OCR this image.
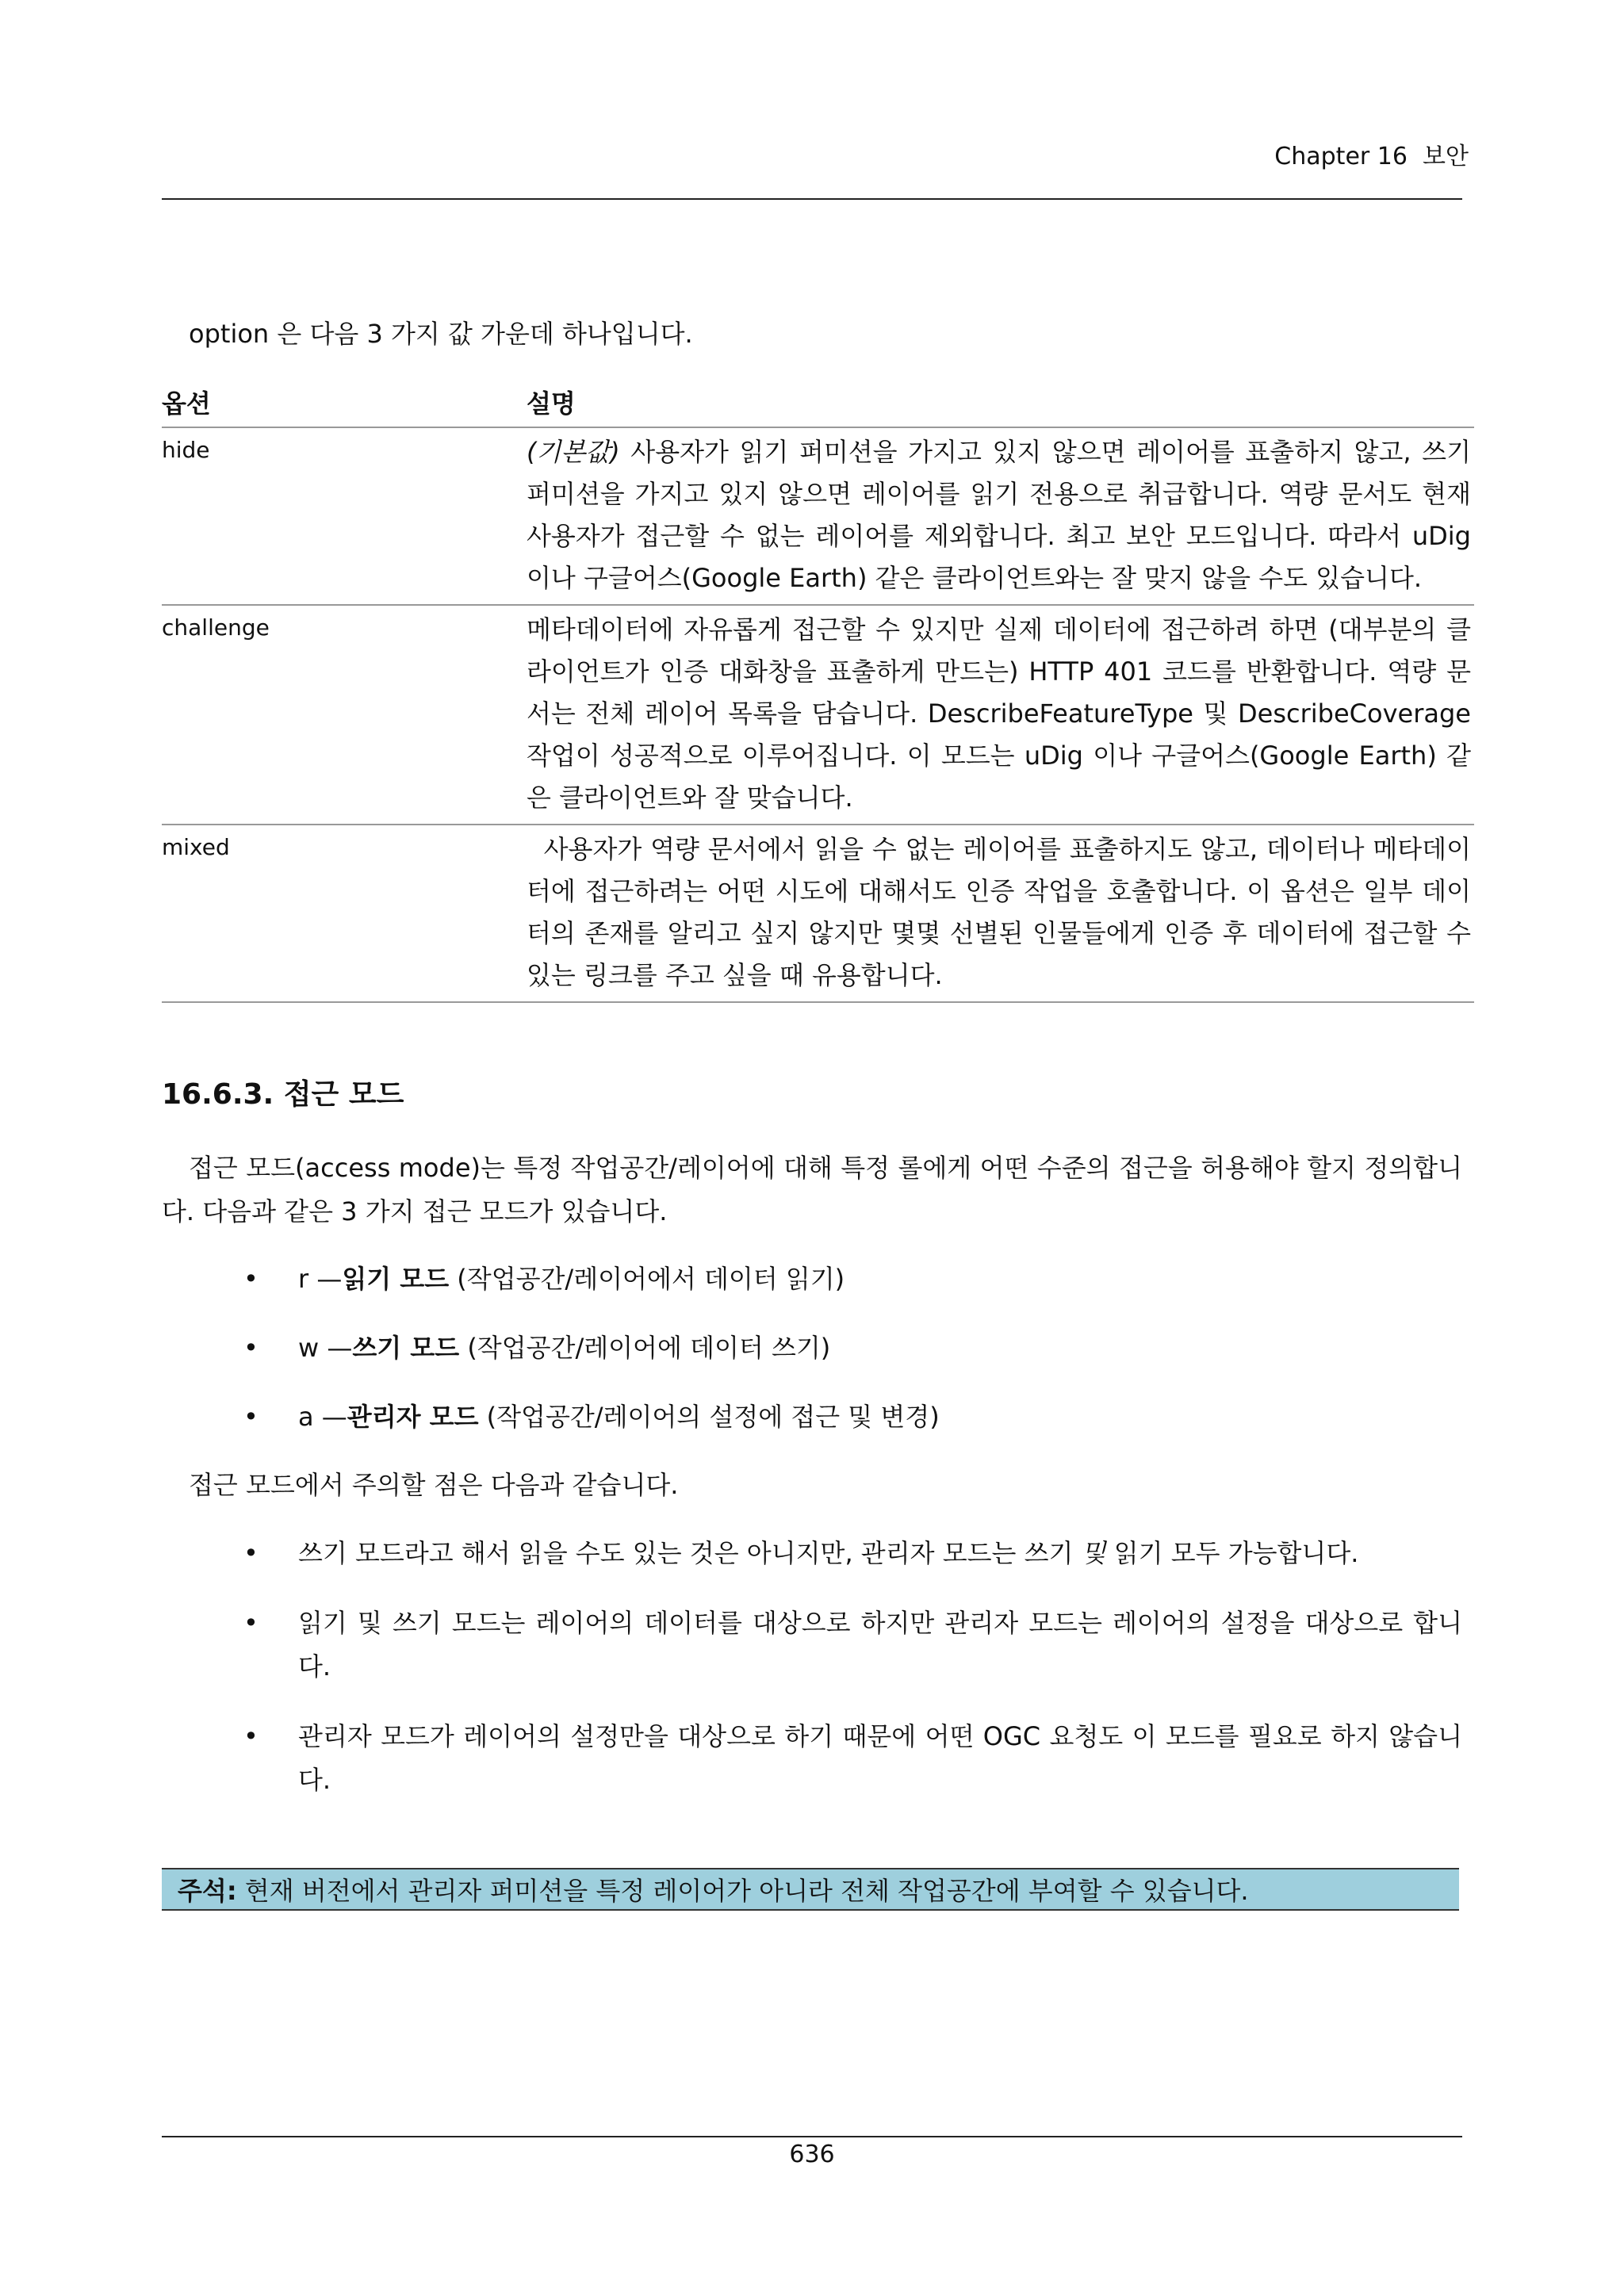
Chapter 16 보안
option 은 다음 3 가지 값 가운데 하나입니다.
옵션	설명
hide	(기본값) 사용자가 읽기 퍼미션을 가지고 있지 않으면 레이어를 표출하지 않고, 쓰기 퍼미션을 가지고 있지 않으면 레이어를 읽기 전용으로 취급합니다. 역량 문서도 현재 사용자가 접근할 수 없는 레이어를 제외합니다. 최고 보안 모드입니다. 따라서 uDig 이나 구글어스(Google Earth) 같은 클라이언트와는 잘 맞지 않을 수도 있습니다.
challenge	메타데이터에 자유롭게 접근할 수 있지만 실제 데이터에 접근하려 하면 (대부분의 클라이언트가 인증 대화창을 표출하게 만드는) HTTP 401 코드를 반환합니다. 역량 문서는 전체 레이어 목록을 담습니다. DescribeFeatureType 및 DescribeCoverage 작업이 성공적으로 이루어집니다. 이 모드는 uDig 이나 구글어스(Google Earth) 같은 클라이언트와 잘 맞습니다.
mixed	사용자가 역량 문서에서 읽을 수 없는 레이어를 표출하지도 않고, 데이터나 메타데이터에 접근하려는 어떤 시도에 대해서도 인증 작업을 호출합니다. 이 옵션은 일부 데이터의 존재를 알리고 싶지 않지만 몇몇 선별된 인물들에게 인증 후 데이터에 접근할 수 있는 링크를 주고 싶을 때 유용합니다.
16.6.3. 접근 모드
접근 모드(access mode)는 특정 작업공간/레이어에 대해 특정 롤에게 어떤 수준의 접근을 허용해야 할지 정의합니다. 다음과 같은 3 가지 접근 모드가 있습니다.
• r —읽기 모드 (작업공간/레이어에서 데이터 읽기)
• w —쓰기 모드 (작업공간/레이어에 데이터 쓰기)
• a —관리자 모드 (작업공간/레이어의 설정에 접근 및 변경)
접근 모드에서 주의할 점은 다음과 같습니다.
• 쓰기 모드라고 해서 읽을 수도 있는 것은 아니지만, 관리자 모드는 쓰기 및 읽기 모두 가능합니다.
• 읽기 및 쓰기 모드는 레이어의 데이터를 대상으로 하지만 관리자 모드는 레이어의 설정을 대상으로 합니다.
• 관리자 모드가 레이어의 설정만을 대상으로 하기 때문에 어떤 OGC 요청도 이 모드를 필요로 하지 않습니다.
주석: 현재 버전에서 관리자 퍼미션을 특정 레이어가 아니라 전체 작업공간에 부여할 수 있습니다.
636
